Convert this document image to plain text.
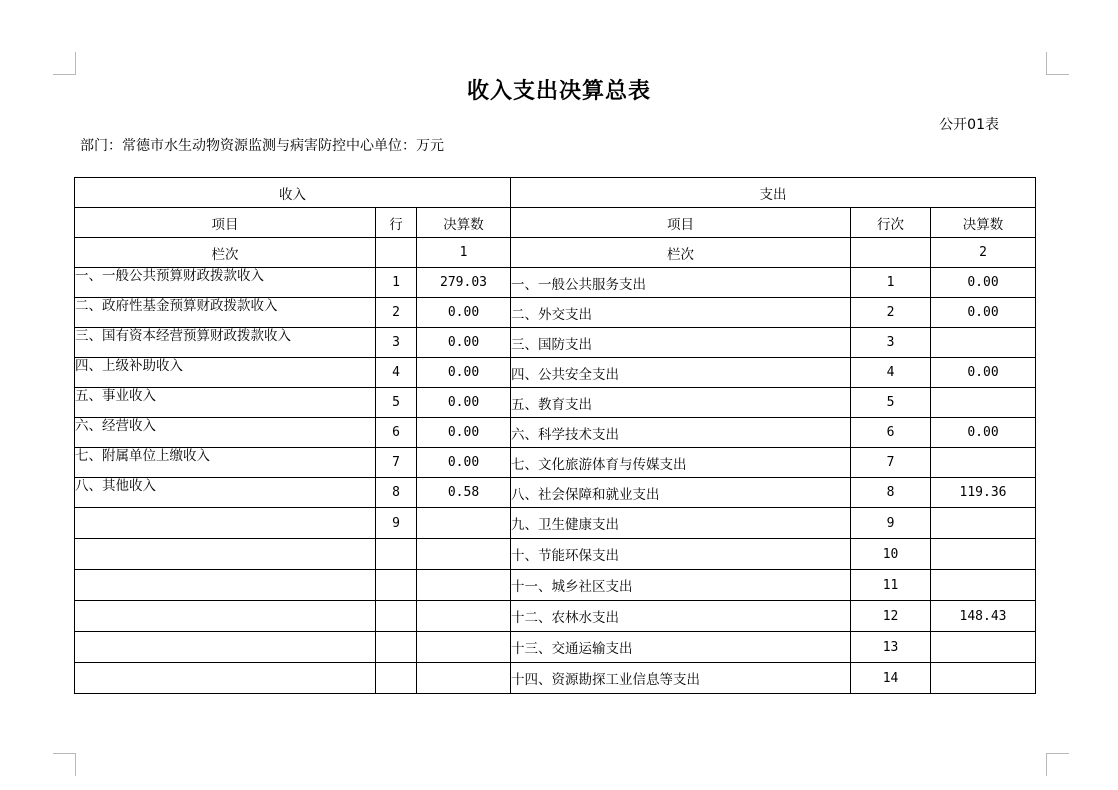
收入支出决算总表
公开01表
部门：常德市水生动物资源监测与病害防控中心单位：万元
收入			支出		
项目	行	决算数	项目	行次	决算数
栏次		1	栏次		2
一、一般公共预算财政拨款收入	1	279.03	一、一般公共服务支出	1	0.00
二、政府性基金预算财政拨款收入	2	0.00	二、外交支出	2	0.00
三、国有资本经营预算财政拨款收入	3	0.00	三、国防支出	3	
四、上级补助收入	4	0.00	四、公共安全支出	4	0.00
五、事业收入	5	0.00	五、教育支出	5	
六、经营收入	6	0.00	六、科学技术支出	6	0.00
七、附属单位上缴收入	7	0.00	七、文化旅游体育与传媒支出	7	
八、其他收入	8	0.58	八、社会保障和就业支出	8	119.36
	9		九、卫生健康支出	9	
			十、节能环保支出	10	
			十一、城乡社区支出	11	
			十二、农林水支出	12	148.43
			十三、交通运输支出	13	
			十四、资源勘探工业信息等支出	14	
